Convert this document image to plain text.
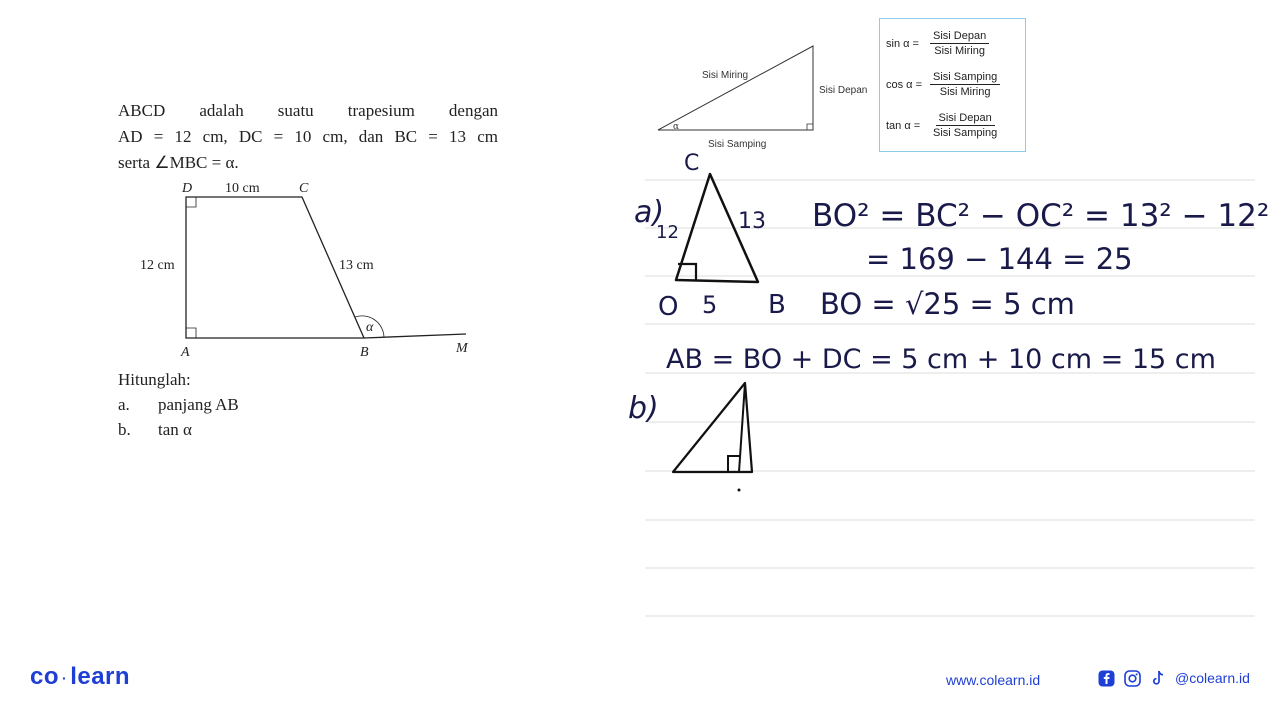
ABCD adalah suatu trapesium dengan
AD = 12 cm, DC = 10 cm, dan BC = 13 cm
serta ∠MBC = α.
D	C
A	B	M
10 cm
12 cm	13 cm
α
Hitunglah:
a.	panjang AB
b.	tan α
Sisi Miring
Sisi Depan
Sisi Samping
α
sin α =	$\frac{\text{Sisi Depan}}{\text{Sisi Miring}}$
$\cos \alpha = \frac{\text{Sisi Samping}}{\text{Sisi Miring}}$
$\tan \alpha = \frac{\text{Sisi Depan}}{\text{Sisi Samping}}$
a)
C
12	13
O 5 B
BO² = BC² − OC² = 13² − 12²
= 169 − 144 = 25
BO = √25 = 5 cm
AB = BO + DC = 5 cm + 10 cm = 15 cm
b)
co · learn	www.colearn.id	@colearn.id
